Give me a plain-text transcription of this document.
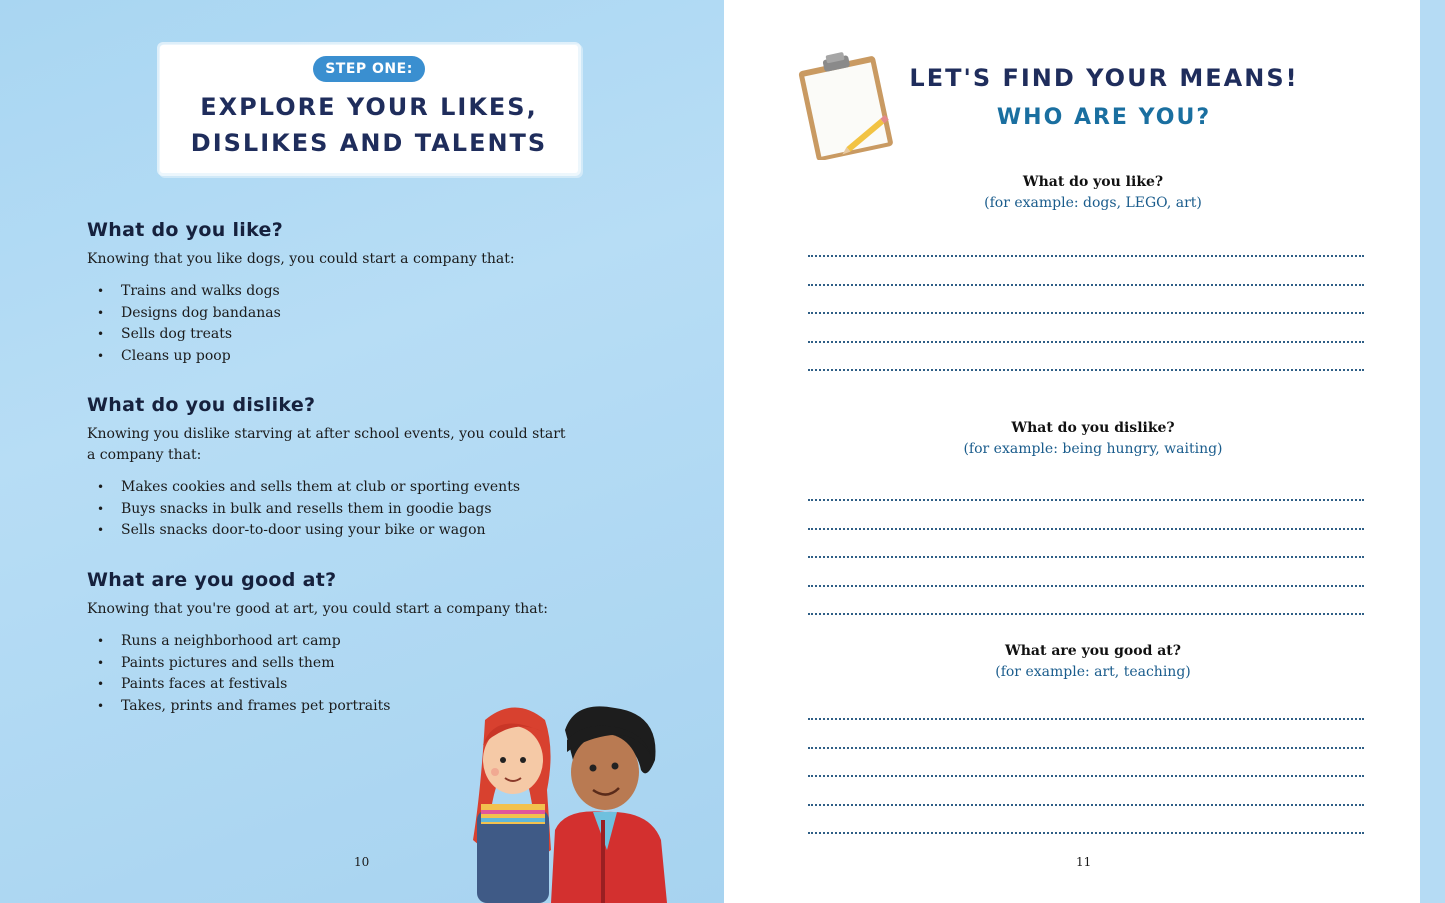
STEP ONE:
EXPLORE YOUR LIKES,
DISLIKES AND TALENTS
What do you like?

Knowing that you like dogs, you could start a company that:

• Trains and walks dogs
• Designs dog bandanas
• Sells dog treats
• Cleans up poop
What do you dislike?

Knowing you dislike starving at after school events, you could start a company that:

• Makes cookies and sells them at club or sporting events
• Buys snacks in bulk and resells them in goodie bags
• Sells snacks door-to-door using your bike or wagon
What are you good at?

Knowing that you're good at art, you could start a company that:

• Runs a neighborhood art camp
• Paints pictures and sells them
• Paints faces at festivals
• Takes, prints and frames pet portraits
10
LET'S FIND YOUR MEANS!
WHO ARE YOU?
What do you like?
(for example: dogs, LEGO, art)
What do you dislike?
(for example: being hungry, waiting)
What are you good at?
(for example: art, teaching)
11
